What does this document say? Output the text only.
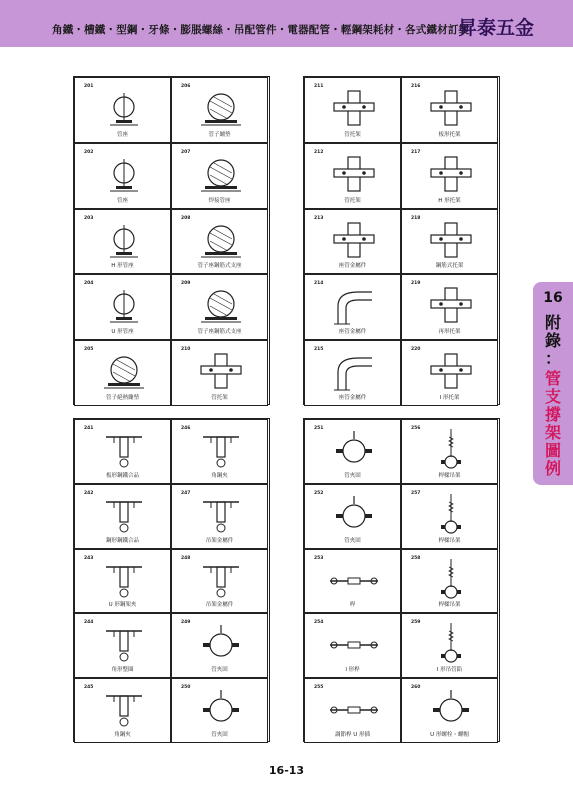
角鐵・槽鐵・型鋼・牙條・膨脹螺絲・吊配管件・電器配管・輕鋼架耗材・各式鐵材訂製
昇泰五金
16
附
錄
：
管
支
撐
架
圖
例
201
管座
206
管子繃墊
202
管座
207
焊接管座
203
H 形管座
208
管子座鋼筋式支座
204
U 形管座
209
管子座鋼筋式支座
205
管子絕熱繃墊
210
管托架
211
管托架
216
板形托架
212
管托架
217
H 形托架
213
座管金屬件
218
鋼筋式托架
214
座管金屬件
219
再形托架
215
座管金屬件
220
I 形托架
241
板形鋼鐵合品
246
角鋼夾
242
鋼形鋼鐵合品
247
吊架金屬件
243
U 形鋼架夾
248
吊架金屬件
244
角形整圈
249
管夾固
245
角鋼夾
250
管夾固
251
管夾固
256
桿樑吊架
252
管夾固
257
桿樑吊架
253
桿
258
桿樑吊架
254
I 形桿
259
I 形吊管鉛
255
調節桿 U 形插
260
U 形螺栓・螺帽
16-13
